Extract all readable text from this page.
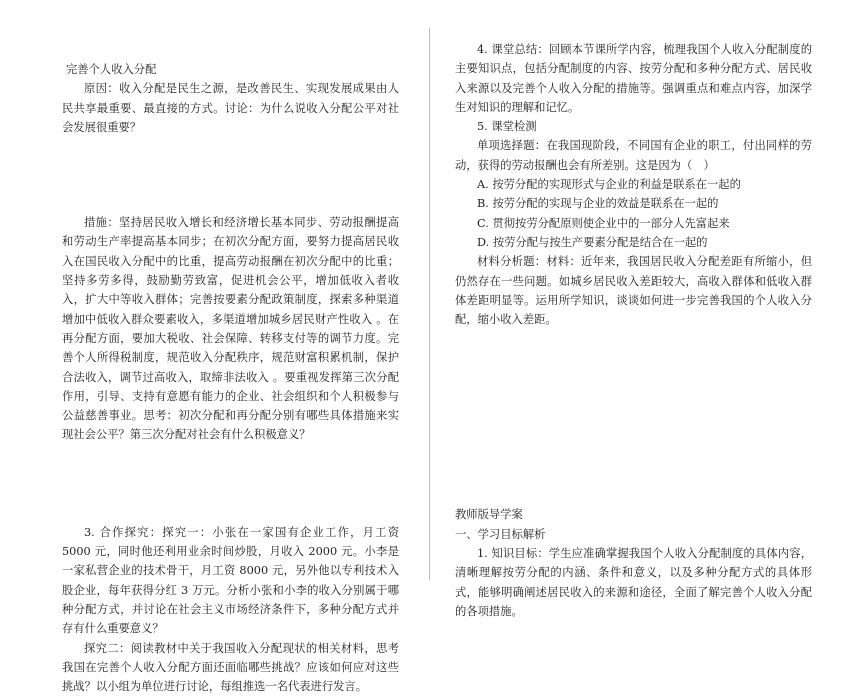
完善个人收入分配

原因：收入分配是民生之源，是改善民生、实现发展成果由人民共享最重要、最直接的方式。讨论：为什么说收入分配公平对社会发展很重要？

措施：坚持居民收入增长和经济增长基本同步、劳动报酬提高和劳动生产率提高基本同步；在初次分配方面，要努力提高居民收入在国民收入分配中的比重，提高劳动报酬在初次分配中的比重；坚持多劳多得，鼓励勤劳致富，促进机会公平，增加低收入者收入，扩大中等收入群体；完善按要素分配政策制度，探索多种渠道增加中低收入群众要素收入，多渠道增加城乡居民财产性收入 。在再分配方面，要加大税收、社会保障、转移支付等的调节力度。完善个人所得税制度，规范收入分配秩序，规范财富积累机制，保护合法收入，调节过高收入，取缔非法收入 。要重视发挥第三次分配作用，引导、支持有意愿有能力的企业、社会组织和个人积极参与公益慈善事业。思考：初次分配和再分配分别有哪些具体措施来实现社会公平？第三次分配对社会有什么积极意义？

3. 合作探究：探究一：小张在一家国有企业工作，月工资 5000 元，同时他还利用业余时间炒股，月收入 2000 元。小李是一家私营企业的技术骨干，月工资 8000 元，另外他以专利技术入股企业，每年获得分红 3 万元。分析小张和小李的收入分别属于哪种分配方式，并讨论在社会主义市场经济条件下，多种分配方式并存有什么重要意义？

探究二：阅读教材中关于我国收入分配现状的相关材料，思考我国在完善个人收入分配方面还面临哪些挑战？应该如何应对这些挑战？以小组为单位进行讨论，每组推选一名代表进行发言。

4. 课堂总结：回顾本节课所学内容，梳理我国个人收入分配制度的主要知识点，包括分配制度的内容、按劳分配和多种分配方式、居民收入来源以及完善个人收入分配的措施等。强调重点和难点内容，加深学生对知识的理解和记忆。

5. 课堂检测

单项选择题：在我国现阶段，不同国有企业的职工，付出同样的劳动，获得的劳动报酬也会有所差别。这是因为（　）

A. 按劳分配的实现形式与企业的利益是联系在一起的

B. 按劳分配的实现与企业的效益是联系在一起的

C. 贯彻按劳分配原则使企业中的一部分人先富起来

D. 按劳分配与按生产要素分配是结合在一起的

材料分析题：材料：近年来，我国居民收入分配差距有所缩小，但仍然存在一些问题。如城乡居民收入差距较大，高收入群体和低收入群体差距明显等。运用所学知识，谈谈如何进一步完善我国的个人收入分配，缩小收入差距。

教师版导学案

一、学习目标解析

1. 知识目标：学生应准确掌握我国个人收入分配制度的具体内容，清晰理解按劳分配的内涵、条件和意义，以及多种分配方式的具体形式，能够明确阐述居民收入的来源和途径，全面了解完善个人收入分配的各项措施。
